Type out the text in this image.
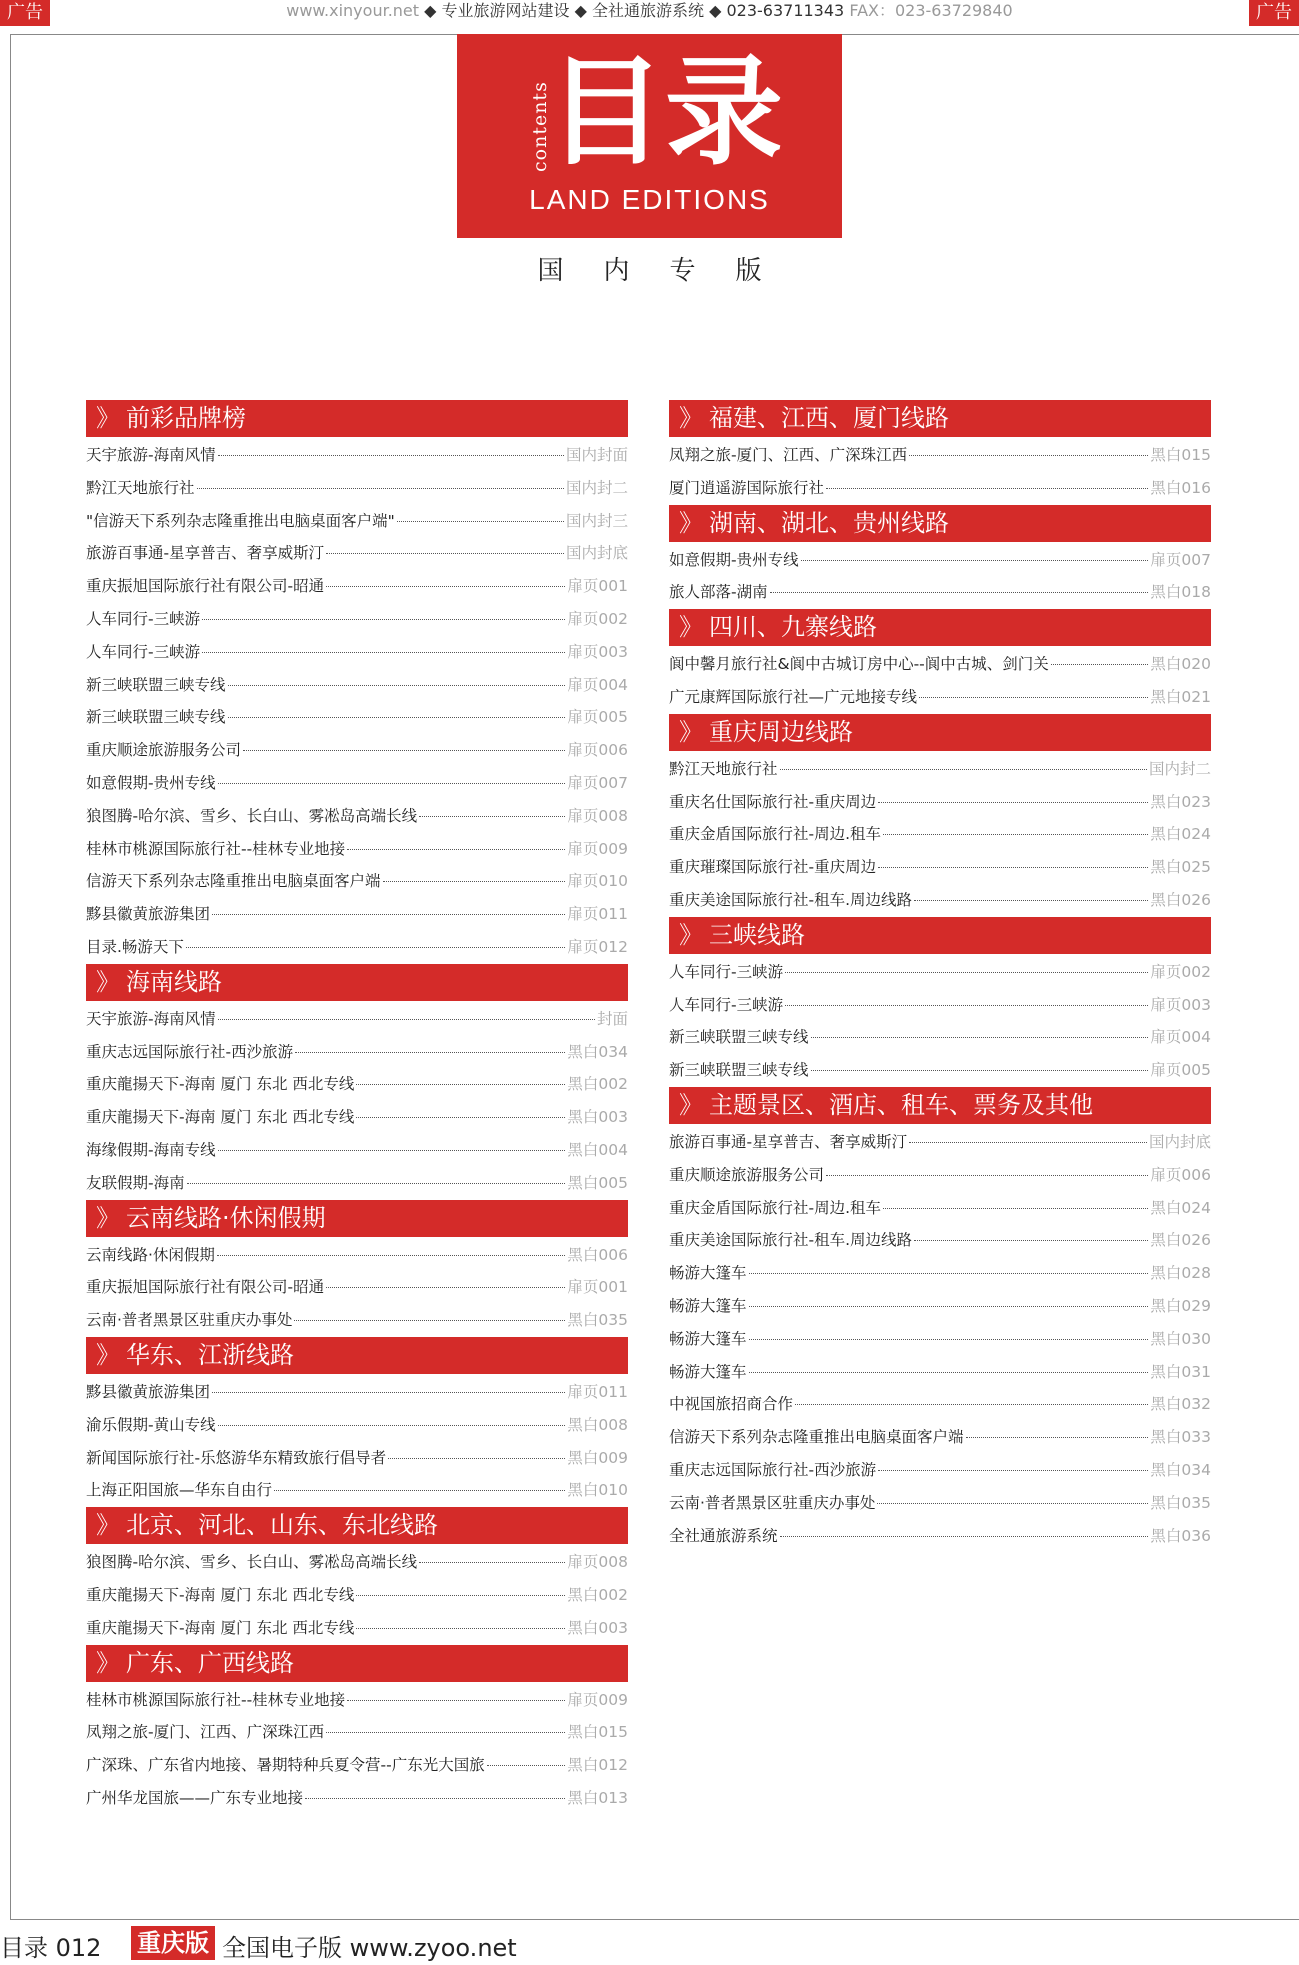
广告	www.xinyour.net ◆ 专业旅游网站建设 ◆ 全社通旅游系统 ◆ 023-63711343 FAX：023-63729840	广告
contents
目录
LAND EDITIONS
国内专版
》 前彩品牌榜
天宇旅游-海南风情	国内封面
黔江天地旅行社	国内封二
"信游天下系列杂志隆重推出电脑桌面客户端"	国内封三
旅游百事通-星享普吉、奢享威斯汀	国内封底
重庆振旭国际旅行社有限公司-昭通	扉页001
人车同行-三峡游	扉页002
人车同行-三峡游	扉页003
新三峡联盟三峡专线	扉页004
新三峡联盟三峡专线	扉页005
重庆顺途旅游服务公司	扉页006
如意假期-贵州专线	扉页007
狼图腾-哈尔滨、雪乡、长白山、雾凇岛高端长线	扉页008
桂林市桃源国际旅行社--桂林专业地接	扉页009
信游天下系列杂志隆重推出电脑桌面客户端	扉页010
黟县徽黄旅游集团	扉页011
目录.畅游天下	扉页012
》 海南线路
天宇旅游-海南风情	封面
重庆志远国际旅行社-西沙旅游	黑白034
重庆龍揚天下-海南 厦门 东北 西北专线	黑白002
重庆龍揚天下-海南 厦门 东北 西北专线	黑白003
海缘假期-海南专线	黑白004
友联假期-海南	黑白005
》 云南线路·休闲假期
云南线路·休闲假期	黑白006
重庆振旭国际旅行社有限公司-昭通	扉页001
云南·普者黑景区驻重庆办事处	黑白035
》 华东、江浙线路
黟县徽黄旅游集团	扉页011
渝乐假期-黄山专线	黑白008
新闻国际旅行社-乐悠游华东精致旅行倡导者	黑白009
上海正阳国旅—华东自由行	黑白010
》 北京、河北、山东、东北线路
狼图腾-哈尔滨、雪乡、长白山、雾凇岛高端长线	扉页008
重庆龍揚天下-海南 厦门 东北 西北专线	黑白002
重庆龍揚天下-海南 厦门 东北 西北专线	黑白003
》 广东、广西线路
桂林市桃源国际旅行社--桂林专业地接	扉页009
凤翔之旅-厦门、江西、广深珠江西	黑白015
广深珠、广东省内地接、暑期特种兵夏令营--广东光大国旅	黑白012
广州华龙国旅——广东专业地接	黑白013
》 福建、江西、厦门线路
凤翔之旅-厦门、江西、广深珠江西	黑白015
厦门逍遥游国际旅行社	黑白016
》 湖南、湖北、贵州线路
如意假期-贵州专线	扉页007
旅人部落-湖南	黑白018
》 四川、九寨线路
阆中馨月旅行社&阆中古城订房中心--阆中古城、剑门关	黑白020
广元康辉国际旅行社—广元地接专线	黑白021
》 重庆周边线路
黔江天地旅行社	国内封二
重庆名仕国际旅行社-重庆周边	黑白023
重庆金盾国际旅行社-周边.租车	黑白024
重庆璀璨国际旅行社-重庆周边	黑白025
重庆美途国际旅行社-租车.周边线路	黑白026
》 三峡线路
人车同行-三峡游	扉页002
人车同行-三峡游	扉页003
新三峡联盟三峡专线	扉页004
新三峡联盟三峡专线	扉页005
》 主题景区、酒店、租车、票务及其他
旅游百事通-星享普吉、奢享威斯汀	国内封底
重庆顺途旅游服务公司	扉页006
重庆金盾国际旅行社-周边.租车	黑白024
重庆美途国际旅行社-租车.周边线路	黑白026
畅游大篷车	黑白028
畅游大篷车	黑白029
畅游大篷车	黑白030
畅游大篷车	黑白031
中视国旅招商合作	黑白032
信游天下系列杂志隆重推出电脑桌面客户端	黑白033
重庆志远国际旅行社-西沙旅游	黑白034
云南·普者黑景区驻重庆办事处	黑白035
全社通旅游系统	黑白036
目录 012 重庆版 全国电子版 www.zyoo.net
